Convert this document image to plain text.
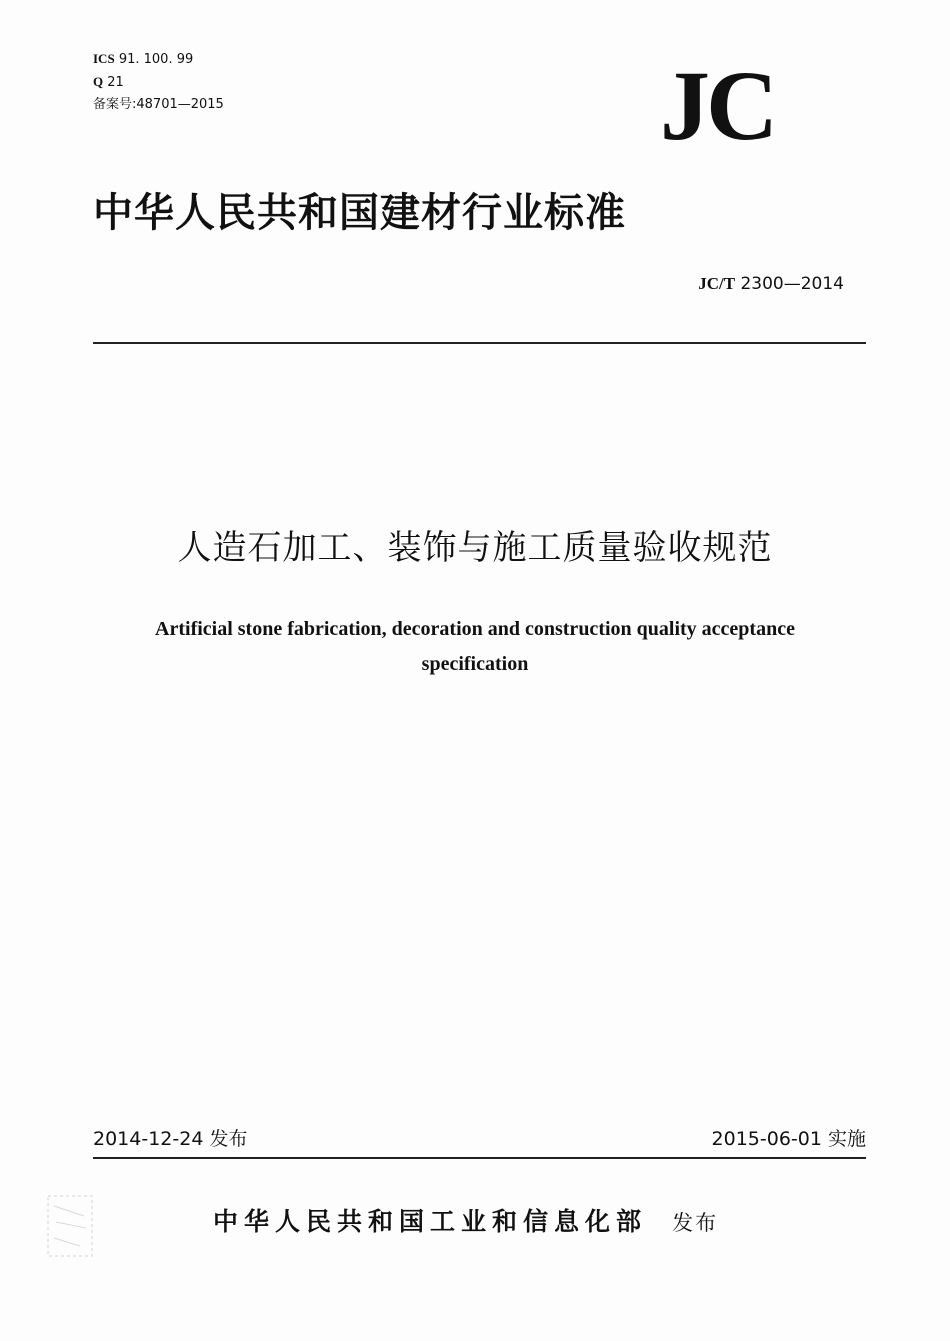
ICS 91. 100. 99
Q 21
备案号:48701—2015	JC
中华人民共和国建材行业标准
JC/T 2300—2014
人造石加工、装饰与施工质量验收规范
Artificial stone fabrication, decoration and construction quality acceptance specification
2014-12-24 发布	2015-06-01 实施
中华人民共和国工业和信息化部 发布
